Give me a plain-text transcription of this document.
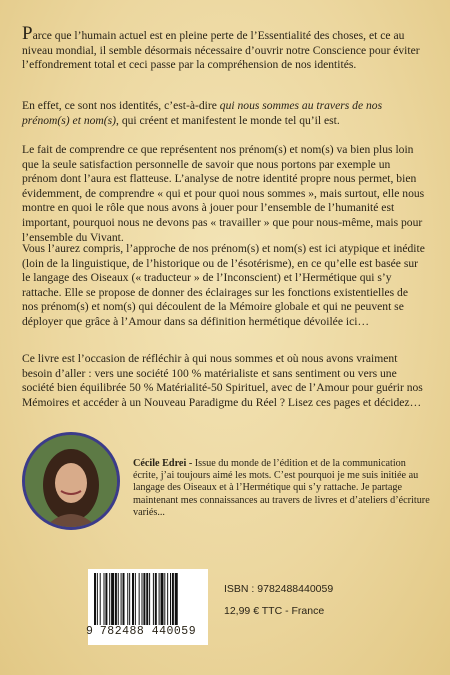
Parce que l’humain actuel est en pleine perte de l’Essentialité des choses, et ce au niveau mondial, il semble désormais nécessaire d’ouvrir notre Conscience pour éviter l’effondrement total et ceci passe par la compréhension de nos identités.

En effet, ce sont nos identités, c’est-à-dire qui nous sommes au travers de nos prénom(s) et nom(s), qui créent et manifestent le monde tel qu’il est.

Le fait de comprendre ce que représentent nos prénom(s) et nom(s) va bien plus loin que la seule satisfaction personnelle de savoir que nous portons par exemple un prénom dont l’aura est flatteuse. L’analyse de notre identité propre nous permet, bien évidemment, de comprendre « qui et pour quoi nous sommes », mais surtout, elle nous montre en quoi le rôle que nous avons à jouer pour l’ensemble de l’humanité est important, pourquoi nous ne devons pas « travailler » que pour nous-même, mais pour l’ensemble du Vivant.

Vous l’aurez compris, l’approche de nos prénom(s) et nom(s) est ici atypique et inédite (loin de la linguistique, de l’historique ou de l’ésotérisme), en ce qu’elle est basée sur le langage des Oiseaux (« traducteur » de l’Inconscient) et l’Hermétique qui s’y rattache. Elle se propose de donner des éclairages sur les fonctions existentielles de nos prénom(s) et nom(s) qui découlent de la Mémoire globale et qui ne peuvent se déployer que grâce à l’Amour dans sa définition hermétique dévoilée ici…

Ce livre est l’occasion de réfléchir à qui nous sommes et où nous avons vraiment besoin d’aller : vers une société 100 % matérialiste et sans sentiment ou vers une société bien équilibrée 50 % Matérialité-50 Spirituel, avec de l’Amour pour guérir nos Mémoires et accéder à un Nouveau Paradigme du Réel ? Lisez ces pages et décidez…

Cécile Edrei - Issue du monde de l’édition et de la communication écrite, j’ai toujours aimé les mots. C’est pourquoi je me suis initiée au langage des Oiseaux et à l’Hermétique qui s’y rattache. Je partage maintenant mes connaissances au travers de livres et d’ateliers d’écriture variés...

9 782488 440059
ISBN : 9782488440059
12,99 € TTC - France
